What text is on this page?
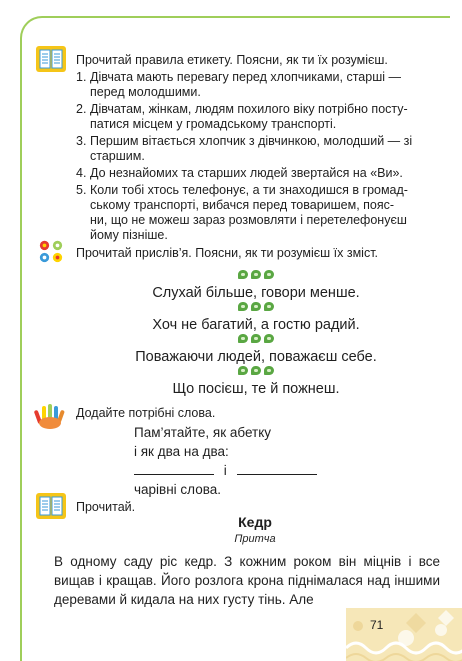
Прочитай правила етикету. Поясни, як ти їх розумієш.
1. Дівчата мають перевагу перед хлопчиками, старші —
перед молодшими.
2. Дівчатам, жінкам, людям похилого віку потрібно посту-
патися місцем у громадському транспорті.
3. Першим вітається хлопчик з дівчинкою, молодший — зі
старшим.
4. До незнайомих та старших людей звертайся на «Ви».
5. Коли тобі хтось телефонує, а ти знаходишся в громад-
ському транспорті, вибачся перед товаришем, пояс-
ни, що не можеш зараз розмовляти і перетелефонуєш
йому пізніше.
Прочитай прислів’я. Поясни, як ти розумієш їх зміст.
Слухай більше, говори менше.
Хоч не багатий, а гостю радий.
Поважаючи людей, поважаєш себе.
Що посієш, те й пожнеш.
Додайте потрібні слова.
Пам’ятайте, як абетку
і як два на два:
і
чарівні слова.
Прочитай.
Кедр
Притча

В одному саду ріс кедр. З кожним роком він міцнів і все вищав і кращав. Його розлога крона піднімалася над іншими деревами й кидала на них густу тінь. Але

71
